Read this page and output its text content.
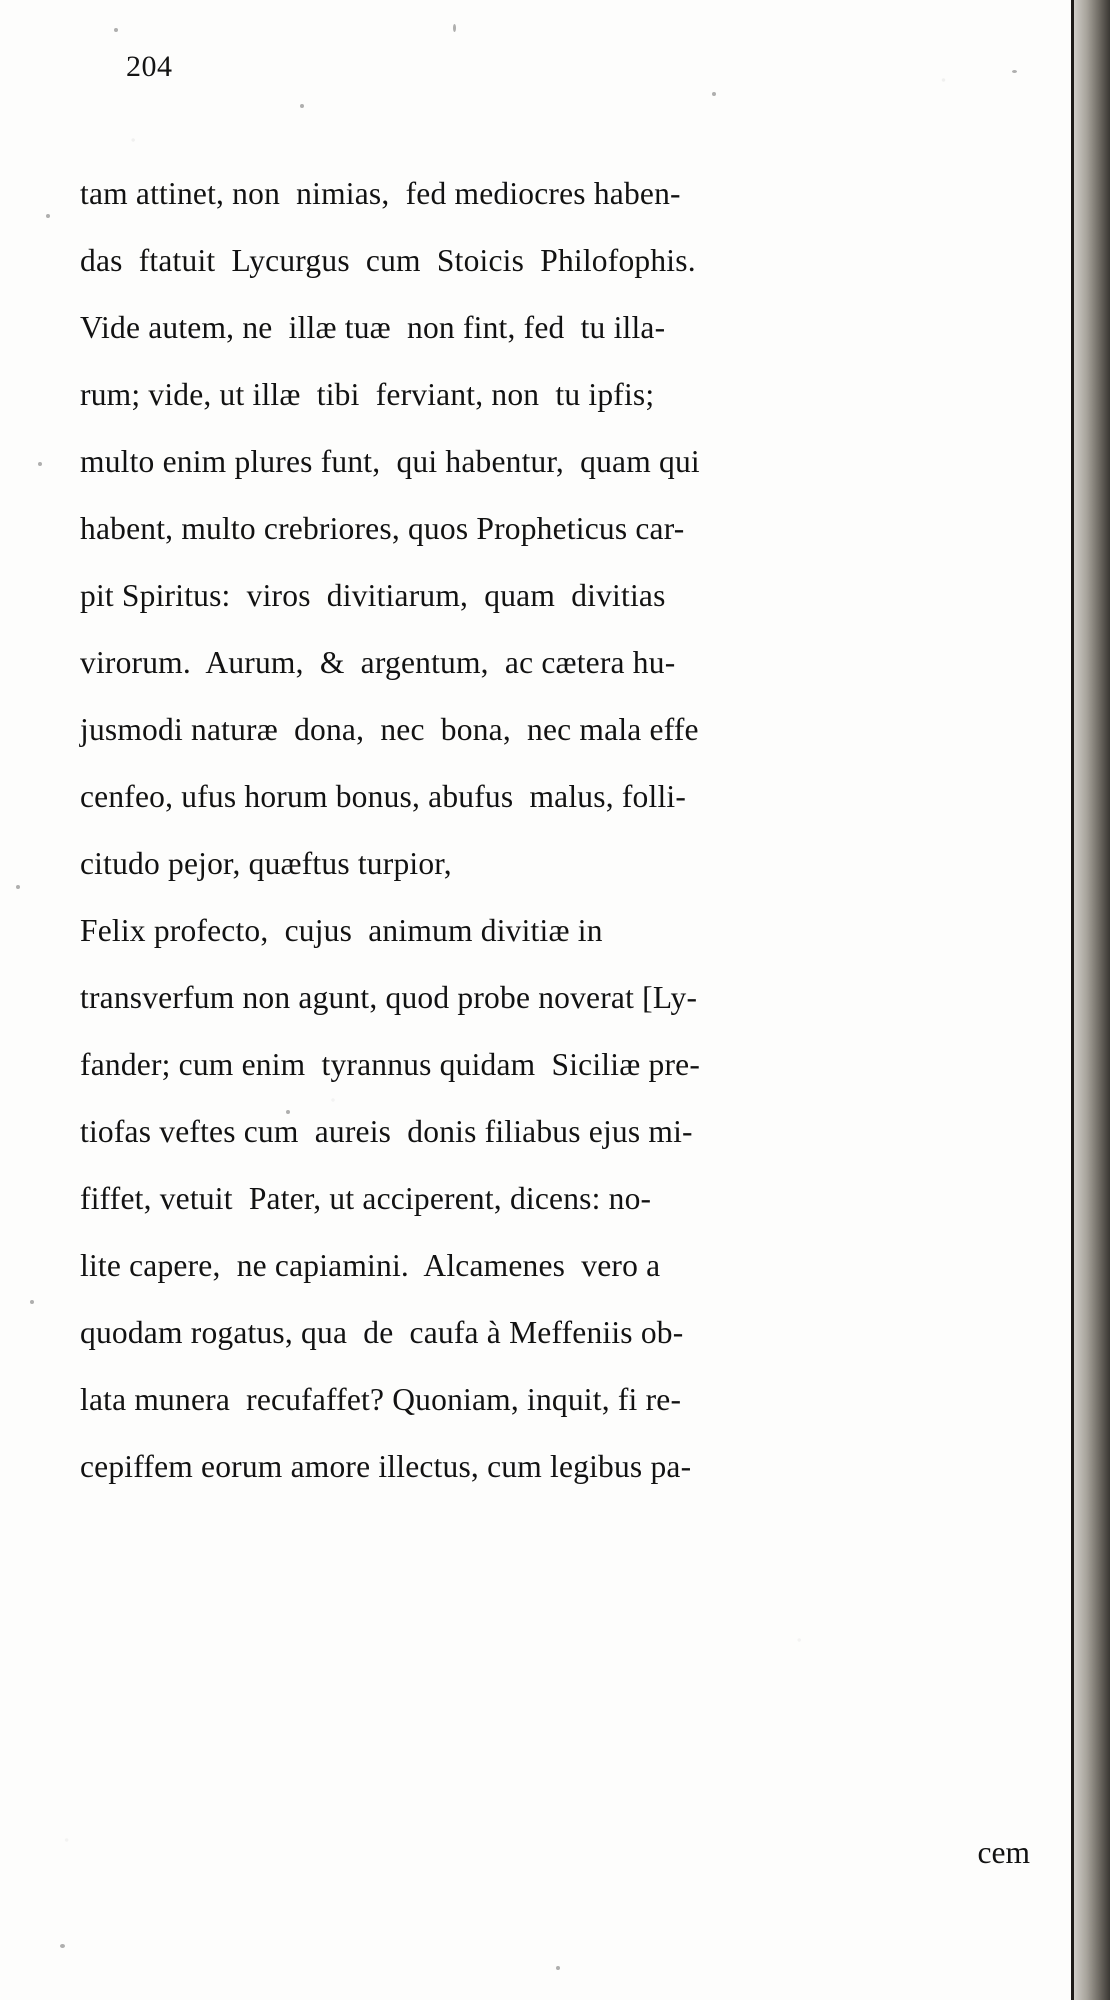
204

tam attinet, non  nimias,  fed mediocres haben-
das  ftatuit  Lycurgus  cum  Stoicis  Philofophis.
Vide autem, ne  illæ tuæ  non fint, fed  tu illa-
rum; vide, ut illæ  tibi  ferviant, non  tu ipfis;
multo enim plures funt,  qui habentur,  quam qui
habent, multo crebriores, quos Propheticus car-
pit Spiritus:  viros  divitiarum,  quam  divitias
virorum.  Aurum,  &  argentum,  ac cætera hu-
jusmodi naturæ  dona,  nec  bona,  nec mala effe
cenfeo, ufus horum bonus, abufus  malus, folli-
citudo pejor, quæftus turpior,

Felix profecto,  cujus  animum divitiæ in
transverfum non agunt, quod probe noverat [Ly-
fander; cum enim  tyrannus quidam  Siciliæ pre-
tiofas veftes cum  aureis  donis filiabus ejus mi-
fiffet, vetuit  Pater, ut acciperent, dicens: no-
lite capere,  ne capiamini.  Alcamenes  vero a
quodam rogatus, qua  de  caufa à Meffeniis ob-
lata munera  recufaffet? Quoniam, inquit, fi re-
cepiffem eorum amore illectus, cum legibus pa-

cem
